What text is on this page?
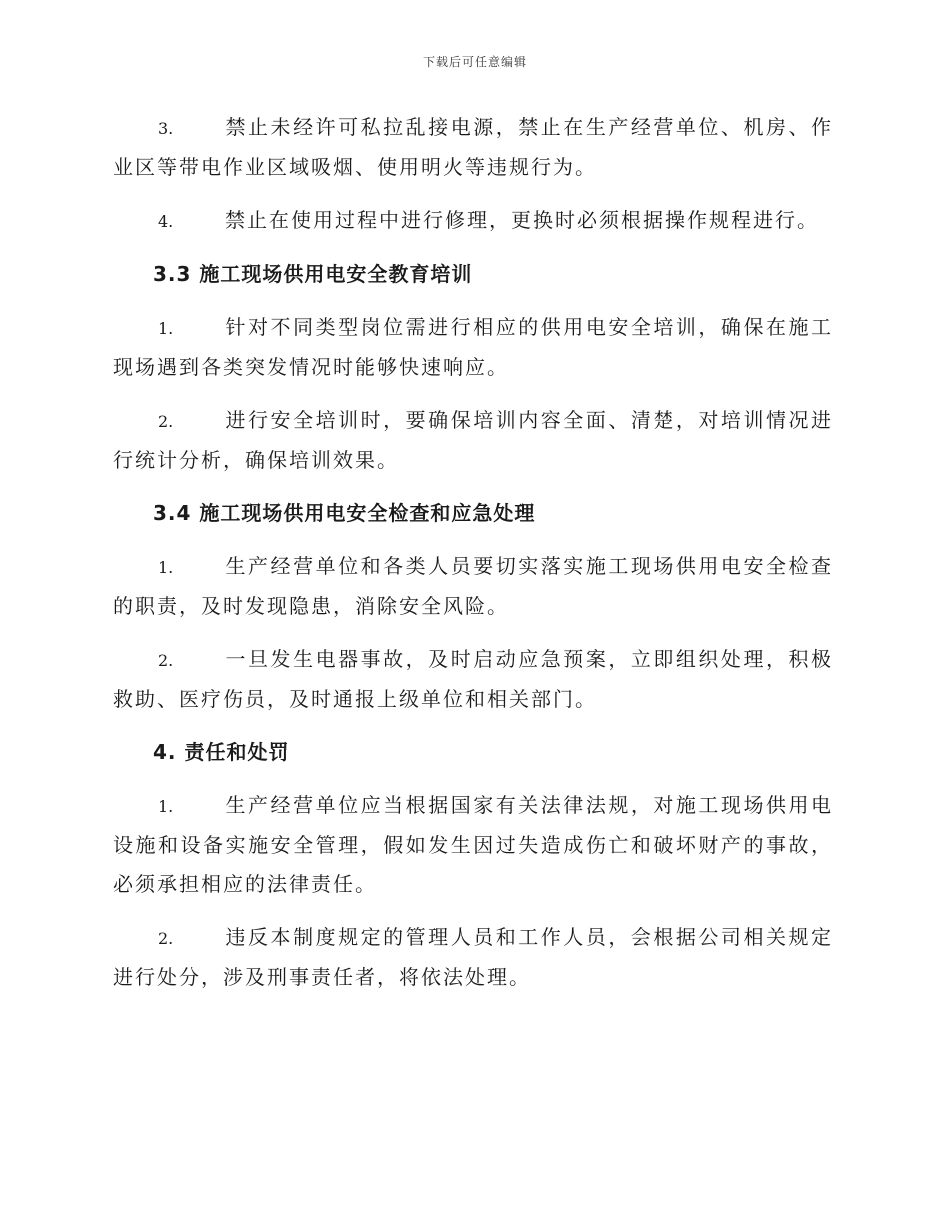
下载后可任意编辑

3.	禁止未经许可私拉乱接电源，禁止在生产经营单位、机房、作业区等带电作业区域吸烟、使用明火等违规行为。

4.	禁止在使用过程中进行修理，更换时必须根据操作规程进行。

3.3 施工现场供用电安全教育培训

1.	针对不同类型岗位需进行相应的供用电安全培训，确保在施工现场遇到各类突发情况时能够快速响应。

2.	进行安全培训时，要确保培训内容全面、清楚，对培训情况进行统计分析，确保培训效果。

3.4 施工现场供用电安全检查和应急处理

1.	生产经营单位和各类人员要切实落实施工现场供用电安全检查的职责，及时发现隐患，消除安全风险。

2.	一旦发生电器事故，及时启动应急预案，立即组织处理，积极救助、医疗伤员，及时通报上级单位和相关部门。

4. 责任和处罚

1.	生产经营单位应当根据国家有关法律法规，对施工现场供用电设施和设备实施安全管理，假如发生因过失造成伤亡和破坏财产的事故，必须承担相应的法律责任。

2.	违反本制度规定的管理人员和工作人员，会根据公司相关规定进行处分，涉及刑事责任者，将依法处理。
